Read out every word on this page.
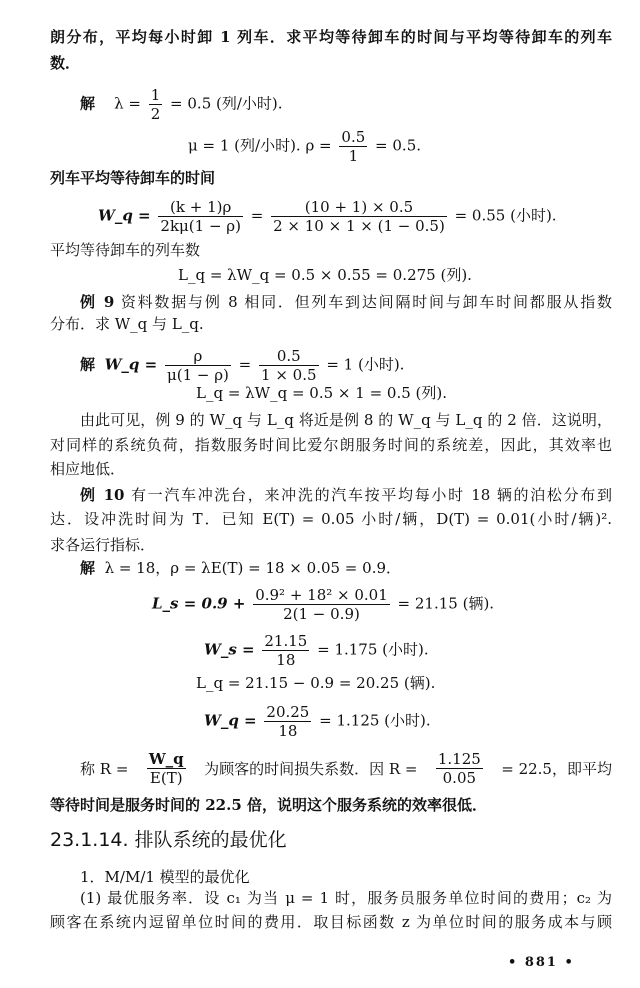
朗分布，平均每小时卸 1 列车．求平均等待卸车的时间与平均等待卸车的列车
数．
解 $\lambda = \frac{1}{2} = 0.5$ (列/小时).
μ = 1 (列/小时). $\rho = \frac{0.5}{1} = 0.5$.
列车平均等待卸车的时间
W_q = $\frac{(k + 1)\rho}{2k\mu(1 - \rho)} = \frac{(10 + 1) \times 0.5}{2 \times 10 \times 1 \times (1 - 0.5)} = 0.55$ (小时).
平均等待卸车的列车数
L_q = λW_q = 0.5 × 0.55 = 0.275 (列).
例 9 资料数据与例 8 相同．但列车到达间隔时间与卸车时间都服从指数
分布．求 W_q 与 L_q.
解 W_q = $\frac{\rho}{\mu(1 - \rho)} = \frac{0.5}{1 \times 0.5} = 1$ (小时).
L_q = λW_q = 0.5 × 1 = 0.5 (列).
由此可见，例 9 的 W_q 与 L_q 将近是例 8 的 W_q 与 L_q 的 2 倍．这说明，
对同样的系统负荷，指数服务时间比爱尔朗服务时间的系统差，因此，其效率也
相应地低．
例 10 有一汽车冲洗台，来冲洗的汽车按平均每小时 18 辆的泊松分布到
达．设冲洗时间为 T．已知 E(T) = 0.05 小时/辆，D(T) = 0.01(小时/辆)².
求各运行指标．
解 λ = 18，ρ = λE(T) = 18 × 0.05 = 0.9．
L_s = $0.9 + \frac{\text{0.9² + 18² × 0.01}}{2(1 - 0.9)} = 21.15$ (辆).
W_s = $\frac{21.15}{18} = 1.175$ (小时).
L_q = 21.15 − 0.9 = 20.25 (辆).
W_q = $\frac{20.25}{18} = 1.125$ (小时).
称 $R = \frac{W\_q}{E(T)}$ 为顾客的时间损失系数．因 $R = \frac{1.125}{0.05} = 22.5$，即平均
等待时间是服务时间的 22.5 倍，说明这个服务系统的效率很低．
23.1.14. 排队系统的最优化
1．M/M/1 模型的最优化
(1) 最优服务率．设 c₁ 为当 μ = 1 时，服务员服务单位时间的费用；c₂ 为
顾客在系统内逗留单位时间的费用．取目标函数 z 为单位时间的服务成本与顾
• 881 •
